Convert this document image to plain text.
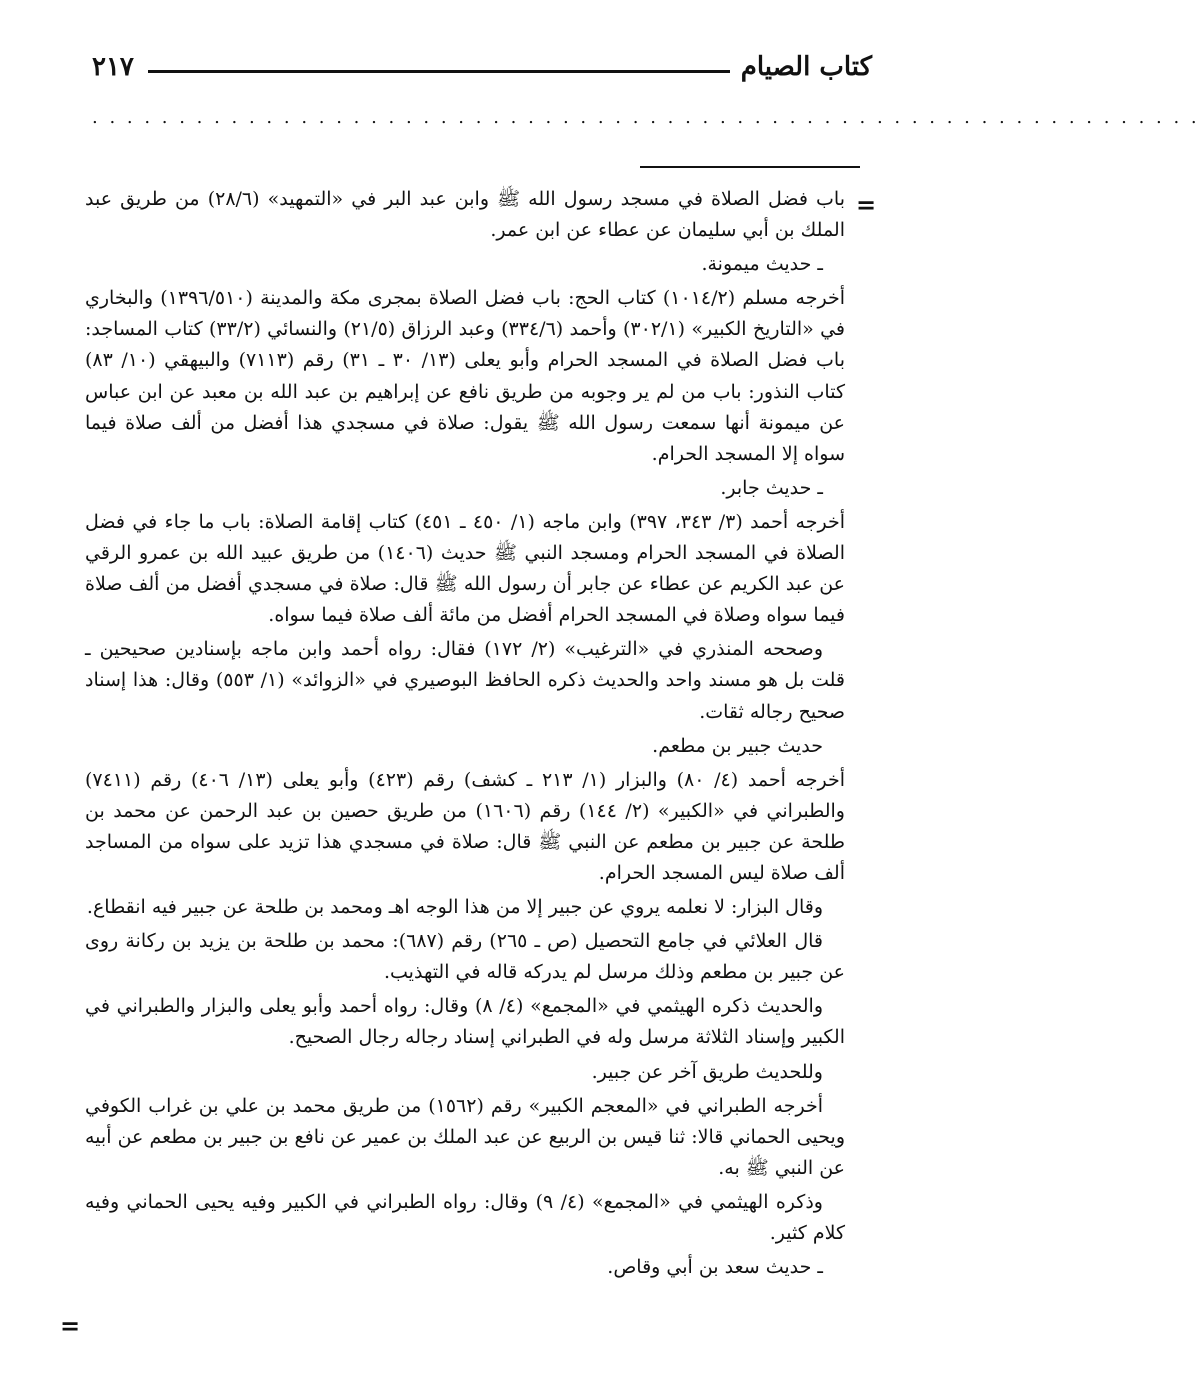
كتاب الصيام
٢١٧
. . . . . . . . . . . . . . . . . . . . . . . . . . . . . . . . . . . . . . . . . . . . . . . . . . . . . . . . . . . . . . . .
=

باب فضل الصلاة في مسجد رسول الله ﷺ وابن عبد البر في «التمهيد» (٢٨/٦) من طريق عبد الملك بن أبي سليمان عن عطاء عن ابن عمر.

ـ حديث ميمونة.

أخرجه مسلم (١٠١٤/٢) كتاب الحج: باب فضل الصلاة بمجرى مكة والمدينة (١٣٩٦/٥١٠) والبخاري في «التاريخ الكبير» (٣٠٢/١) وأحمد (٣٣٤/٦) وعبد الرزاق (٢١/٥) والنسائي (٣٣/٢) كتاب المساجد: باب فضل الصلاة في المسجد الحرام وأبو يعلى (١٣/ ٣٠ ـ ٣١) رقم (٧١١٣) والبيهقي (١٠/ ٨٣) كتاب النذور: باب من لم ير وجوبه من طريق نافع عن إبراهيم بن عبد الله بن معبد عن ابن عباس عن ميمونة أنها سمعت رسول الله ﷺ يقول: صلاة في مسجدي هذا أفضل من ألف صلاة فيما سواه إلا المسجد الحرام.

ـ حديث جابر.

أخرجه أحمد (٣/ ٣٤٣، ٣٩٧) وابن ماجه (١/ ٤٥٠ ـ ٤٥١) كتاب إقامة الصلاة: باب ما جاء في فضل الصلاة في المسجد الحرام ومسجد النبي ﷺ حديث (١٤٠٦) من طريق عبيد الله بن عمرو الرقي عن عبد الكريم عن عطاء عن جابر أن رسول الله ﷺ قال: صلاة في مسجدي أفضل من ألف صلاة فيما سواه وصلاة في المسجد الحرام أفضل من مائة ألف صلاة فيما سواه.

وصححه المنذري في «الترغيب» (٢/ ١٧٢) فقال: رواه أحمد وابن ماجه بإسنادين صحيحين ـ قلت بل هو مسند واحد والحديث ذكره الحافظ البوصيري في «الزوائد» (١/ ٥٥٣) وقال: هذا إسناد صحيح رجاله ثقات.

حديث جبير بن مطعم.

أخرجه أحمد (٤/ ٨٠) والبزار (١/ ٢١٣ ـ كشف) رقم (٤٢٣) وأبو يعلى (١٣/ ٤٠٦) رقم (٧٤١١) والطبراني في «الكبير» (٢/ ١٤٤) رقم (١٦٠٦) من طريق حصين بن عبد الرحمن عن محمد بن طلحة عن جبير بن مطعم عن النبي ﷺ قال: صلاة في مسجدي هذا تزيد على سواه من المساجد ألف صلاة ليس المسجد الحرام.

وقال البزار: لا نعلمه يروي عن جبير إلا من هذا الوجه اهـ ومحمد بن طلحة عن جبير فيه انقطاع.

قال العلائي في جامع التحصيل (ص ـ ٢٦٥) رقم (٦٨٧): محمد بن طلحة بن يزيد بن ركانة روى عن جبير بن مطعم وذلك مرسل لم يدركه قاله في التهذيب.

والحديث ذكره الهيثمي في «المجمع» (٤/ ٨) وقال: رواه أحمد وأبو يعلى والبزار والطبراني في الكبير وإسناد الثلاثة مرسل وله في الطبراني إسناد رجاله رجال الصحيح.

وللحديث طريق آخر عن جبير.

أخرجه الطبراني في «المعجم الكبير» رقم (١٥٦٢) من طريق محمد بن علي بن غراب الكوفي ويحيى الحماني قالا: ثنا قيس بن الربيع عن عبد الملك بن عمير عن نافع بن جبير بن مطعم عن أبيه عن النبي ﷺ به.

وذكره الهيثمي في «المجمع» (٤/ ٩) وقال: رواه الطبراني في الكبير وفيه يحيى الحماني وفيه كلام كثير.

ـ حديث سعد بن أبي وقاص.

=
